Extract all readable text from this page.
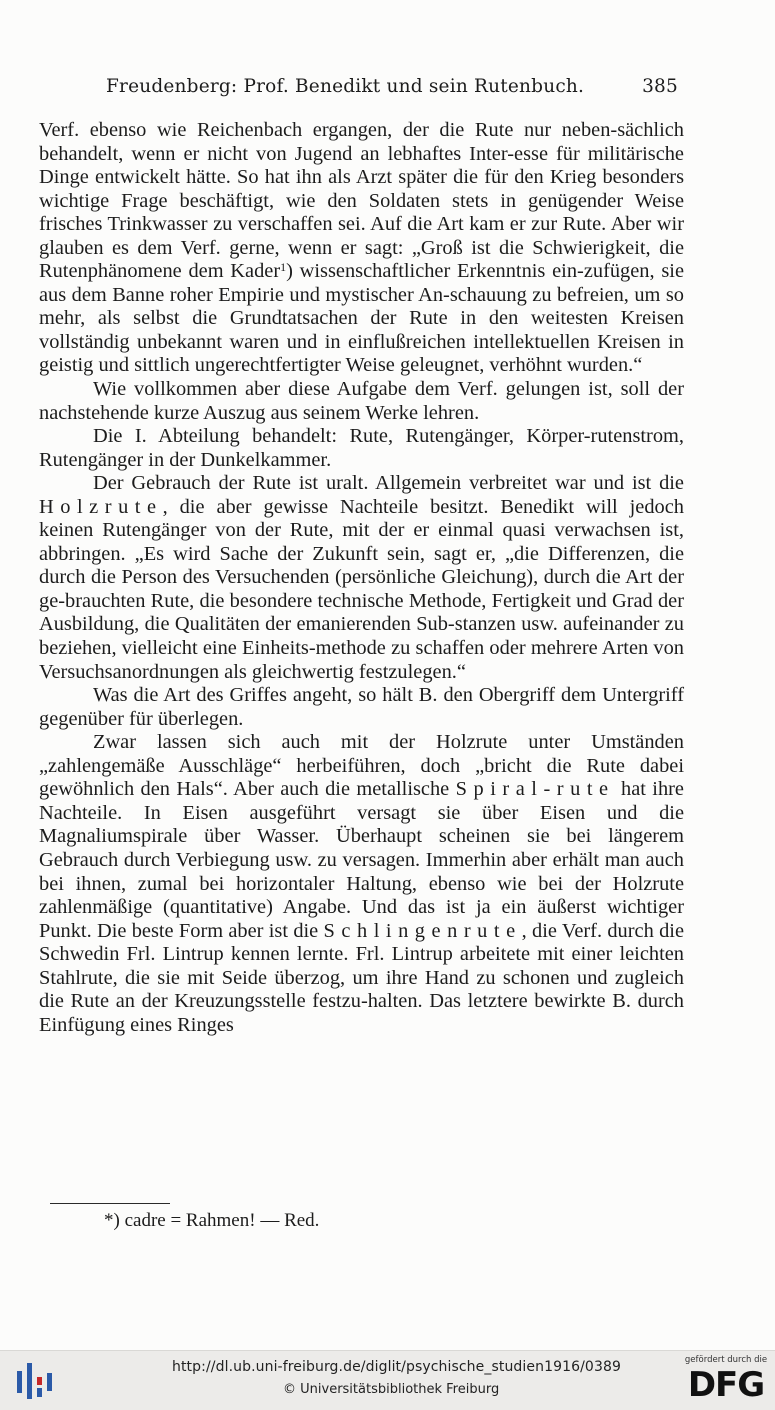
Freudenberg: Prof. Benedikt und sein Rutenbuch.	385

Verf. ebenso wie Reichenbach ergangen, der die Rute nur neben-sächlich behandelt, wenn er nicht von Jugend an lebhaftes Inter-esse für militärische Dinge entwickelt hätte. So hat ihn als Arzt später die für den Krieg besonders wichtige Frage beschäftigt, wie den Soldaten stets in genügender Weise frisches Trinkwasser zu verschaffen sei. Auf die Art kam er zur Rute. Aber wir glauben es dem Verf. gerne, wenn er sagt: „Groß ist die Schwierigkeit, die Rutenphänomene dem Kader$^1$) wissenschaftlicher Erkenntnis ein-zufügen, sie aus dem Banne roher Empirie und mystischer An-schauung zu befreien, um so mehr, als selbst die Grundtatsachen der Rute in den weitesten Kreisen vollständig unbekannt waren und in einflußreichen intellektuellen Kreisen in geistig und sittlich ungerechtfertigter Weise geleugnet, verhöhnt wurden.“

Wie vollkommen aber diese Aufgabe dem Verf. gelungen ist, soll der nachstehende kurze Auszug aus seinem Werke lehren.

Die I. Abteilung behandelt: Rute, Rutengänger, Körper-rutenstrom, Rutengänger in der Dunkelkammer.

Der Gebrauch der Rute ist uralt. Allgemein verbreitet war und ist die Holzrute, die aber gewisse Nachteile besitzt. Benedikt will jedoch keinen Rutengänger von der Rute, mit der er einmal quasi verwachsen ist, abbringen. „Es wird Sache der Zukunft sein, sagt er, „die Differenzen, die durch die Person des Versuchenden (persönliche Gleichung), durch die Art der ge-brauchten Rute, die besondere technische Methode, Fertigkeit und Grad der Ausbildung, die Qualitäten der emanierenden Sub-stanzen usw. aufeinander zu beziehen, vielleicht eine Einheits-methode zu schaffen oder mehrere Arten von Versuchsanordnungen als gleichwertig festzulegen.“

Was die Art des Griffes angeht, so hält B. den Obergriff dem Untergriff gegenüber für überlegen.

Zwar lassen sich auch mit der Holzrute unter Umständen „zahlengemäße Ausschläge“ herbeiführen, doch „bricht die Rute dabei gewöhnlich den Hals“. Aber auch die metallische Spiral-rute hat ihre Nachteile. In Eisen ausgeführt versagt sie über Eisen und die Magnaliumspirale über Wasser. Überhaupt scheinen sie bei längerem Gebrauch durch Verbiegung usw. zu versagen. Immerhin aber erhält man auch bei ihnen, zumal bei horizontaler Haltung, ebenso wie bei der Holzrute zahlenmäßige (quantitative) Angabe. Und das ist ja ein äußerst wichtiger Punkt. Die beste Form aber ist die Schlingenrute, die Verf. durch die Schwedin Frl. Lintrup kennen lernte. Frl. Lintrup arbeitete mit einer leichten Stahlrute, die sie mit Seide überzog, um ihre Hand zu schonen und zugleich die Rute an der Kreuzungsstelle festzu-halten. Das letztere bewirkte B. durch Einfügung eines Ringes

*) cadre = Rahmen! — Red.
http://dl.ub.uni-freiburg.de/diglit/psychische_studien1916/0389
© Universitätsbibliothek Freiburg
gefördert durch die
DFG
